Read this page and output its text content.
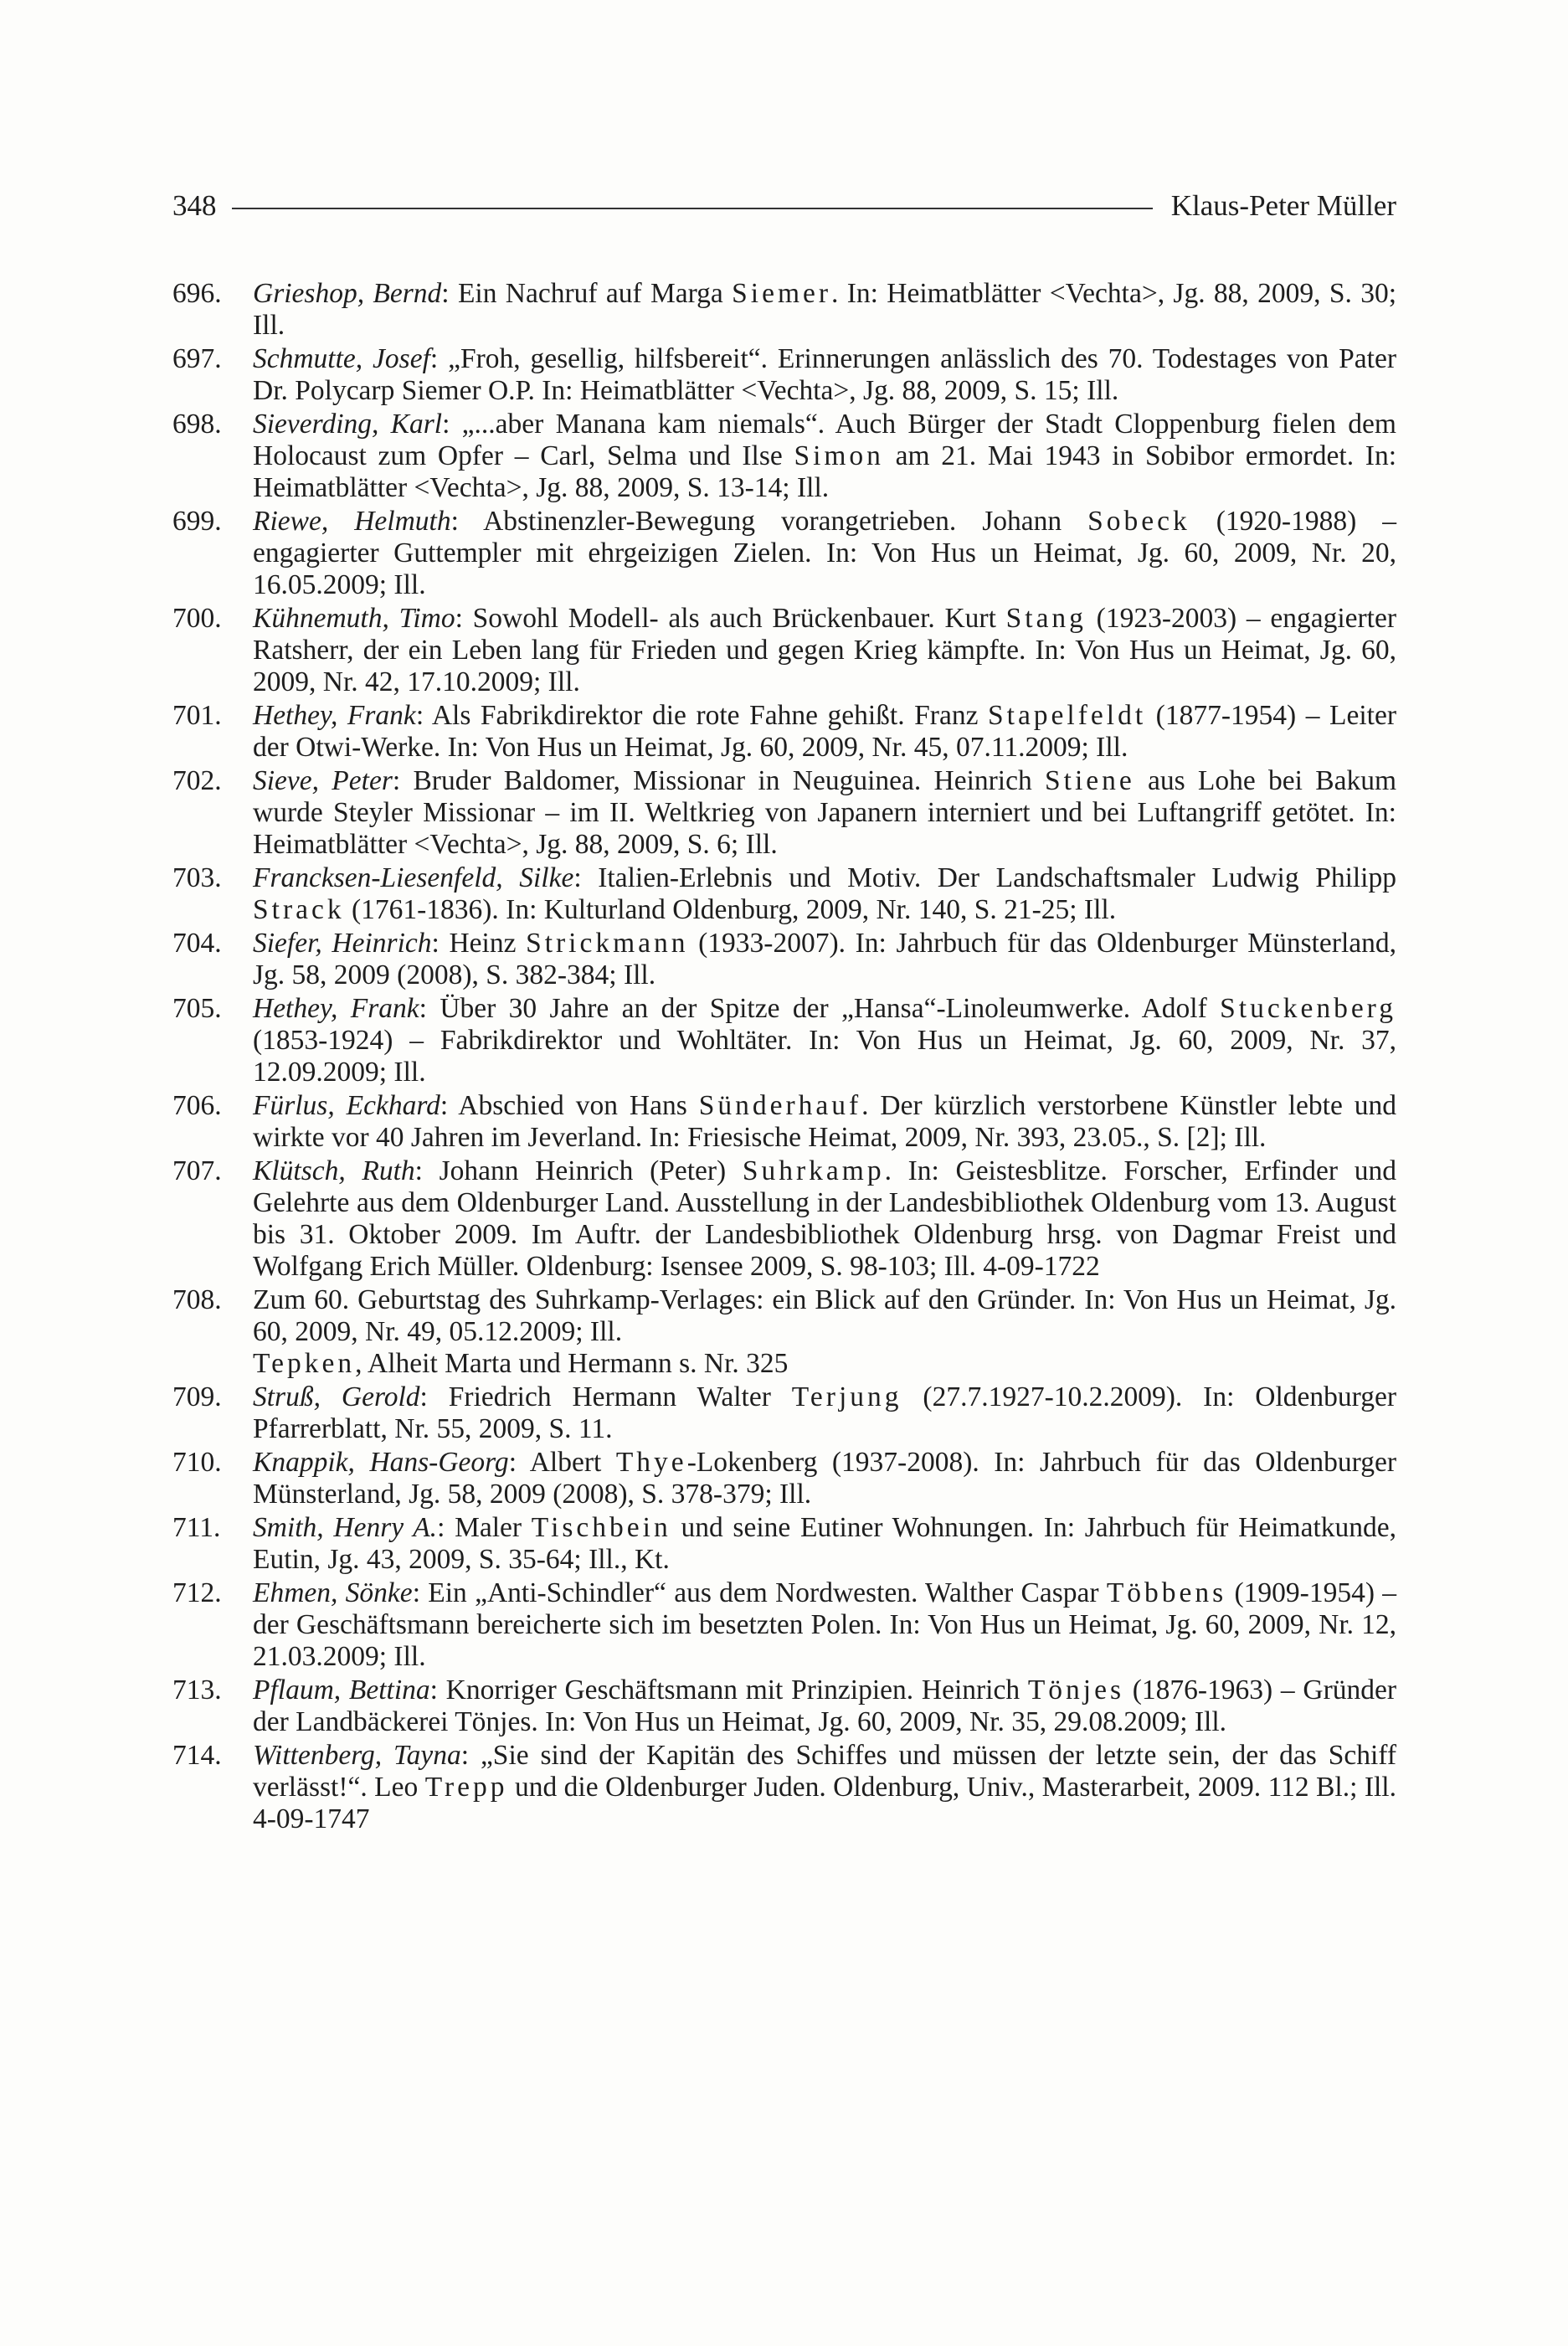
348	Klaus-Peter Müller
696.	Grieshop, Bernd: Ein Nachruf auf Marga Siemer. In: Heimatblätter <Vechta>, Jg. 88, 2009, S. 30; Ill.
697.	Schmutte, Josef: „Froh, gesellig, hilfsbereit“. Erinnerungen anlässlich des 70. Todestages von Pater Dr. Polycarp Siemer O.P. In: Heimatblätter <Vechta>, Jg. 88, 2009, S. 15; Ill.
698.	Sieverding, Karl: „...aber Manana kam niemals“. Auch Bürger der Stadt Cloppenburg fielen dem Holocaust zum Opfer – Carl, Selma und Ilse Simon am 21. Mai 1943 in Sobibor ermordet. In: Heimatblätter <Vechta>, Jg. 88, 2009, S. 13-14; Ill.
699.	Riewe, Helmuth: Abstinenzler-Bewegung vorangetrieben. Johann Sobeck (1920-1988) – engagierter Guttempler mit ehrgeizigen Zielen. In: Von Hus un Heimat, Jg. 60, 2009, Nr. 20, 16.05.2009; Ill.
700.	Kühnemuth, Timo: Sowohl Modell- als auch Brückenbauer. Kurt Stang (1923-2003) – engagierter Ratsherr, der ein Leben lang für Frieden und gegen Krieg kämpfte. In: Von Hus un Heimat, Jg. 60, 2009, Nr. 42, 17.10.2009; Ill.
701.	Hethey, Frank: Als Fabrikdirektor die rote Fahne gehißt. Franz Stapelfeldt (1877-1954) – Leiter der Otwi-Werke. In: Von Hus un Heimat, Jg. 60, 2009, Nr. 45, 07.11.2009; Ill.
702.	Sieve, Peter: Bruder Baldomer, Missionar in Neuguinea. Heinrich Stiene aus Lohe bei Bakum wurde Steyler Missionar – im II. Weltkrieg von Japanern interniert und bei Luftangriff getötet. In: Heimatblätter <Vechta>, Jg. 88, 2009, S. 6; Ill.
703.	Francksen-Liesenfeld, Silke: Italien-Erlebnis und Motiv. Der Landschaftsmaler Ludwig Philipp Strack (1761-1836). In: Kulturland Oldenburg, 2009, Nr. 140, S. 21-25; Ill.
704.	Siefer, Heinrich: Heinz Strickmann (1933-2007). In: Jahrbuch für das Oldenburger Münsterland, Jg. 58, 2009 (2008), S. 382-384; Ill.
705.	Hethey, Frank: Über 30 Jahre an der Spitze der „Hansa“-Linoleumwerke. Adolf Stuckenberg (1853-1924) – Fabrikdirektor und Wohltäter. In: Von Hus un Heimat, Jg. 60, 2009, Nr. 37, 12.09.2009; Ill.
706.	Fürlus, Eckhard: Abschied von Hans Sünderhauf. Der kürzlich verstorbene Künstler lebte und wirkte vor 40 Jahren im Jeverland. In: Friesische Heimat, 2009, Nr. 393, 23.05., S. [2]; Ill.
707.	Klütsch, Ruth: Johann Heinrich (Peter) Suhrkamp. In: Geistesblitze. Forscher, Erfinder und Gelehrte aus dem Oldenburger Land. Ausstellung in der Landesbibliothek Oldenburg vom 13. August bis 31. Oktober 2009. Im Auftr. der Landesbibliothek Oldenburg hrsg. von Dagmar Freist und Wolfgang Erich Müller. Oldenburg: Isensee 2009, S. 98-103; Ill. 4-09-1722
708.	Zum 60. Geburtstag des Suhrkamp-Verlages: ein Blick auf den Gründer. In: Von Hus un Heimat, Jg. 60, 2009, Nr. 49, 05.12.2009; Ill.
Tepken, Alheit Marta und Hermann s. Nr. 325
709.	Struß, Gerold: Friedrich Hermann Walter Terjung (27.7.1927-10.2.2009). In: Oldenburger Pfarrerblatt, Nr. 55, 2009, S. 11.
710.	Knappik, Hans-Georg: Albert Thye-Lokenberg (1937-2008). In: Jahrbuch für das Oldenburger Münsterland, Jg. 58, 2009 (2008), S. 378-379; Ill.
711.	Smith, Henry A.: Maler Tischbein und seine Eutiner Wohnungen. In: Jahrbuch für Heimatkunde, Eutin, Jg. 43, 2009, S. 35-64; Ill., Kt.
712.	Ehmen, Sönke: Ein „Anti-Schindler“ aus dem Nordwesten. Walther Caspar Többens (1909-1954) – der Geschäftsmann bereicherte sich im besetzten Polen. In: Von Hus un Heimat, Jg. 60, 2009, Nr. 12, 21.03.2009; Ill.
713.	Pflaum, Bettina: Knorriger Geschäftsmann mit Prinzipien. Heinrich Tönjes (1876-1963) – Gründer der Landbäckerei Tönjes. In: Von Hus un Heimat, Jg. 60, 2009, Nr. 35, 29.08.2009; Ill.
714.	Wittenberg, Tayna: „Sie sind der Kapitän des Schiffes und müssen der letzte sein, der das Schiff verlässt!“. Leo Trepp und die Oldenburger Juden. Oldenburg, Univ., Masterarbeit, 2009. 112 Bl.; Ill. 4-09-1747
